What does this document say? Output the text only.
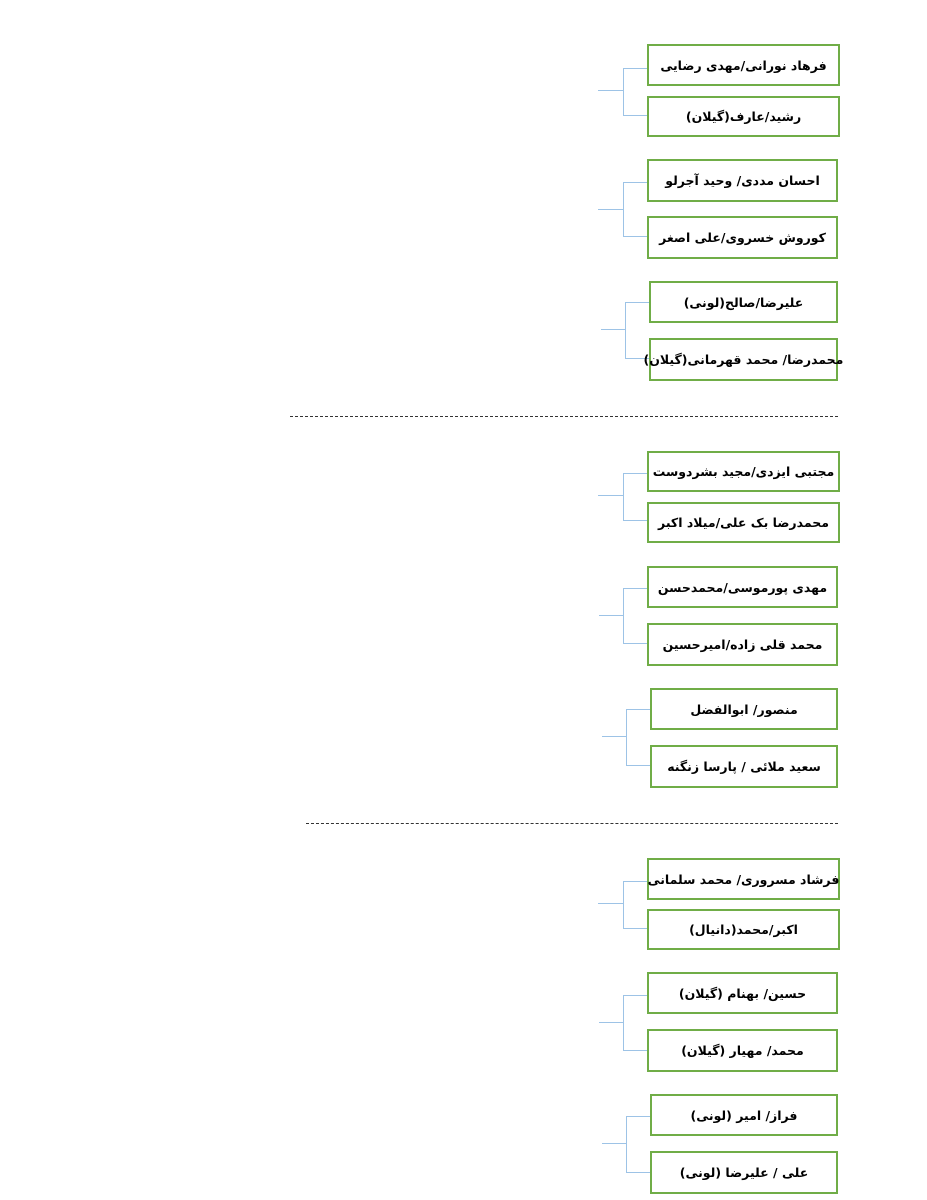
فرهاد نورانی/مهدی رضایی
رشید/عارف(گیلان)
احسان مددی/ وحید آجرلو
کوروش خسروی/علی اصغر
علیرضا/صالح(لونی)
محمدرضا/ محمد قهرمانی(گیلان)
مجتبی ایزدی/مجید بشردوست
محمدرضا بک علی/میلاد اکبر
مهدی پورموسی/محمدحسن
محمد قلی زاده/امیرحسین
منصور/ ابوالفضل
سعید ملائی / پارسا زنگنه
فرشاد مسروری/ محمد سلمانی
اکبر/محمد(دانیال)
حسین/ بهنام (گیلان)
محمد/ مهیار (گیلان)
فراز/ امیر (لونی)
علی / علیرضا (لونی)
